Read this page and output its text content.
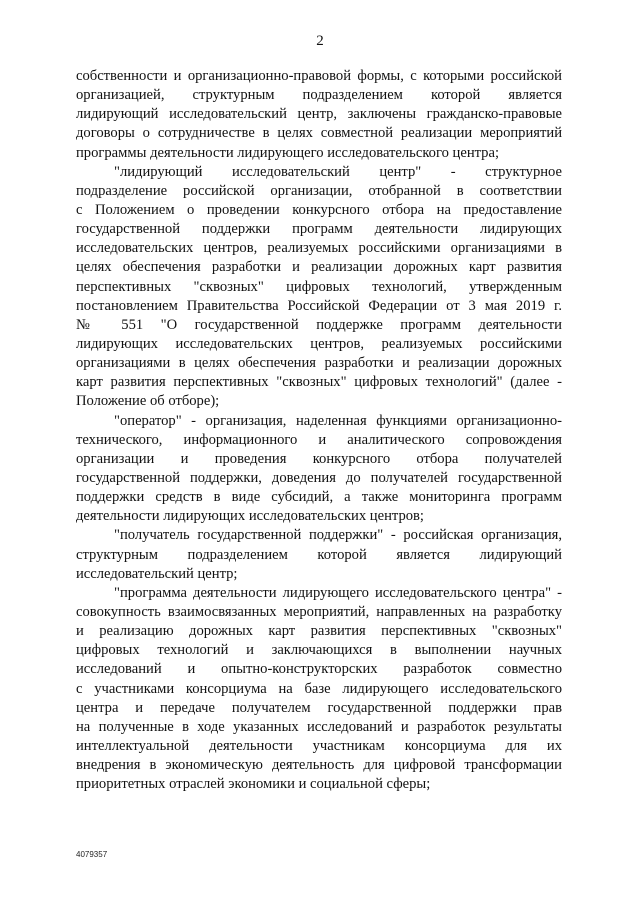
2
собственности и организационно-правовой формы, с которыми российской
организацией, структурным подразделением которой является
лидирующий исследовательский центр, заключены гражданско-правовые
договоры о сотрудничестве в целях совместной реализации мероприятий
программы деятельности лидирующего исследовательского центра;
"лидирующий исследовательский центр" - структурное
подразделение российской организации, отобранной в соответствии
с Положением о проведении конкурсного отбора на предоставление
государственной поддержки программ деятельности лидирующих
исследовательских центров, реализуемых российскими организациями в
целях обеспечения разработки и реализации дорожных карт развития
перспективных "сквозных" цифровых технологий, утвержденным
постановлением Правительства Российской Федерации от 3 мая 2019 г.
№ 551 "О государственной поддержке программ деятельности
лидирующих исследовательских центров, реализуемых российскими
организациями в целях обеспечения разработки и реализации дорожных
карт развития перспективных "сквозных" цифровых технологий" (далее -
Положение об отборе);
"оператор" - организация, наделенная функциями организационно-
технического, информационного и аналитического сопровождения
организации и проведения конкурсного отбора получателей
государственной поддержки, доведения до получателей государственной
поддержки средств в виде субсидий, а также мониторинга программ
деятельности лидирующих исследовательских центров;
"получатель государственной поддержки" - российская организация,
структурным подразделением которой является лидирующий
исследовательский центр;
"программа деятельности лидирующего исследовательского центра" -
совокупность взаимосвязанных мероприятий, направленных на разработку
и реализацию дорожных карт развития перспективных "сквозных"
цифровых технологий и заключающихся в выполнении научных
исследований и опытно-конструкторских разработок совместно
с участниками консорциума на базе лидирующего исследовательского
центра и передаче получателем государственной поддержки прав
на полученные в ходе указанных исследований и разработок результаты
интеллектуальной деятельности участникам консорциума для их
внедрения в экономическую деятельность для цифровой трансформации
приоритетных отраслей экономики и социальной сферы;
4079357
